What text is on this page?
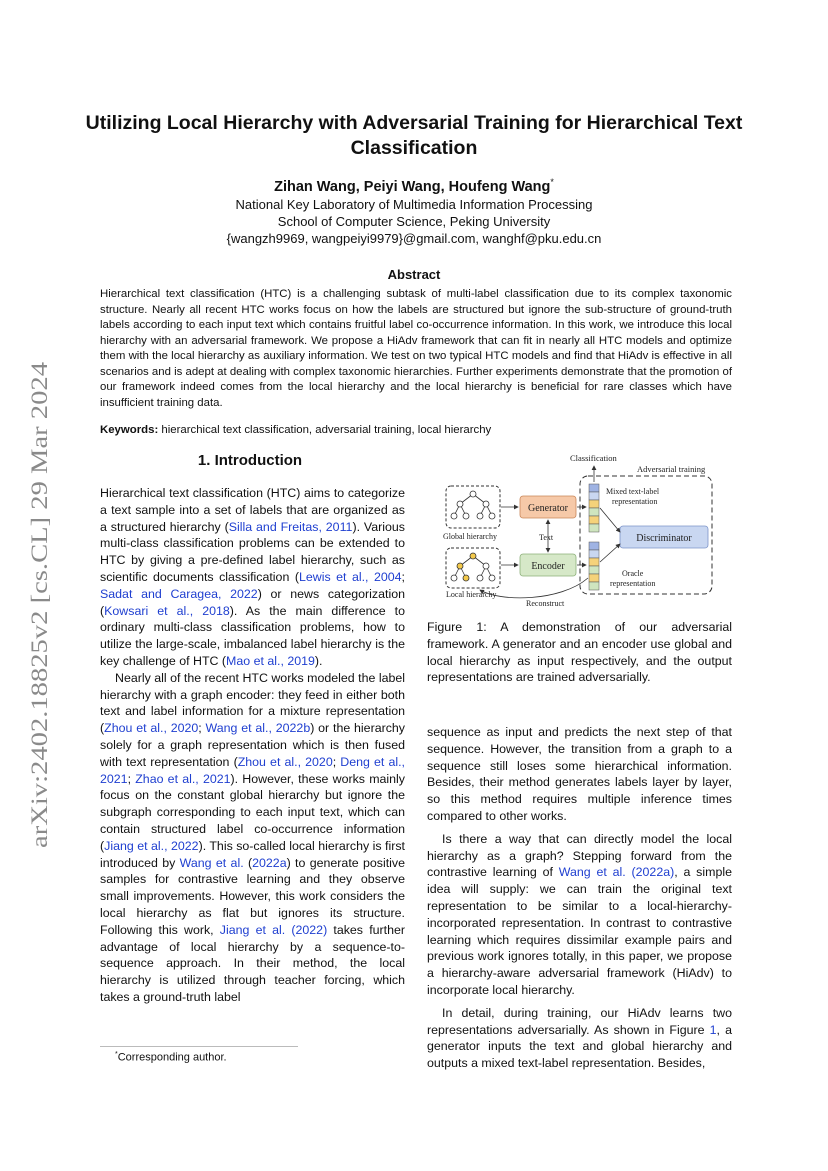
arXiv:2402.18825v2 [cs.CL] 29 Mar 2024
Utilizing Local Hierarchy with Adversarial Training for Hierarchical Text Classification
Zihan Wang, Peiyi Wang, Houfeng Wang*
National Key Laboratory of Multimedia Information Processing
School of Computer Science, Peking University
{wangzh9969, wangpeiyi9979}@gmail.com, wanghf@pku.edu.cn
Abstract
Hierarchical text classification (HTC) is a challenging subtask of multi-label classification due to its complex taxonomic structure. Nearly all recent HTC works focus on how the labels are structured but ignore the sub-structure of ground-truth labels according to each input text which contains fruitful label co-occurrence information. In this work, we introduce this local hierarchy with an adversarial framework. We propose a HiAdv framework that can fit in nearly all HTC models and optimize them with the local hierarchy as auxiliary information. We test on two typical HTC models and find that HiAdv is effective in all scenarios and is adept at dealing with complex taxonomic hierarchies. Further experiments demonstrate that the promotion of our framework indeed comes from the local hierarchy and the local hierarchy is beneficial for rare classes which have insufficient training data.
Keywords: hierarchical text classification, adversarial training, local hierarchy
1. Introduction

Hierarchical text classification (HTC) aims to categorize a text sample into a set of labels that are organized as a structured hierarchy (Silla and Freitas, 2011). Various multi-class classification problems can be extended to HTC by giving a pre-defined label hierarchy, such as scientific documents classification (Lewis et al., 2004; Sadat and Caragea, 2022) or news categorization (Kowsari et al., 2018). As the main difference to ordinary multi-class classification problems, how to utilize the large-scale, imbalanced label hierarchy is the key challenge of HTC (Mao et al., 2019).

Nearly all of the recent HTC works modeled the label hierarchy with a graph encoder: they feed in either both text and label information for a mixture representation (Zhou et al., 2020; Wang et al., 2022b) or the hierarchy solely for a graph representation which is then fused with text representation (Zhou et al., 2020; Deng et al., 2021; Zhao et al., 2021). However, these works mainly focus on the constant global hierarchy but ignore the subgraph corresponding to each input text, which can contain structured label co-occurrence information (Jiang et al., 2022). This so-called local hierarchy is first introduced by Wang et al. (2022a) to generate positive samples for contrastive learning and they observe small improvements. However, this work considers the local hierarchy as flat but ignores its structure. Following this work, Jiang et al. (2022) takes further advantage of local hierarchy by a sequence-to-sequence approach. In their method, the local hierarchy is utilized through teacher forcing, which takes a ground-truth label

Classification
Adversarial training
Global hierarchy
Local hierarchy
Generator
Encoder
Text
Mixed text-label
representation
Discriminator
Oracle
representation
Reconstruct
Figure 1: A demonstration of our adversarial framework. A generator and an encoder use global and local hierarchy as input respectively, and the output representations are trained adversarially.

sequence as input and predicts the next step of that sequence. However, the transition from a graph to a sequence still loses some hierarchical information. Besides, their method generates labels layer by layer, so this method requires multiple inference times compared to other works.

Is there a way that can directly model the local hierarchy as a graph? Stepping forward from the contrastive learning of Wang et al. (2022a), a simple idea will supply: we can train the original text representation to be similar to a local-hierarchy-incorporated representation. In contrast to contrastive learning which requires dissimilar example pairs and previous work ignores totally, in this paper, we propose a hierarchy-aware adversarial framework (HiAdv) to incorporate local hierarchy.

In detail, during training, our HiAdv learns two representations adversarially. As shown in Figure 1, a generator inputs the text and global hierarchy and outputs a mixed text-label representation. Besides,

*Corresponding author.
